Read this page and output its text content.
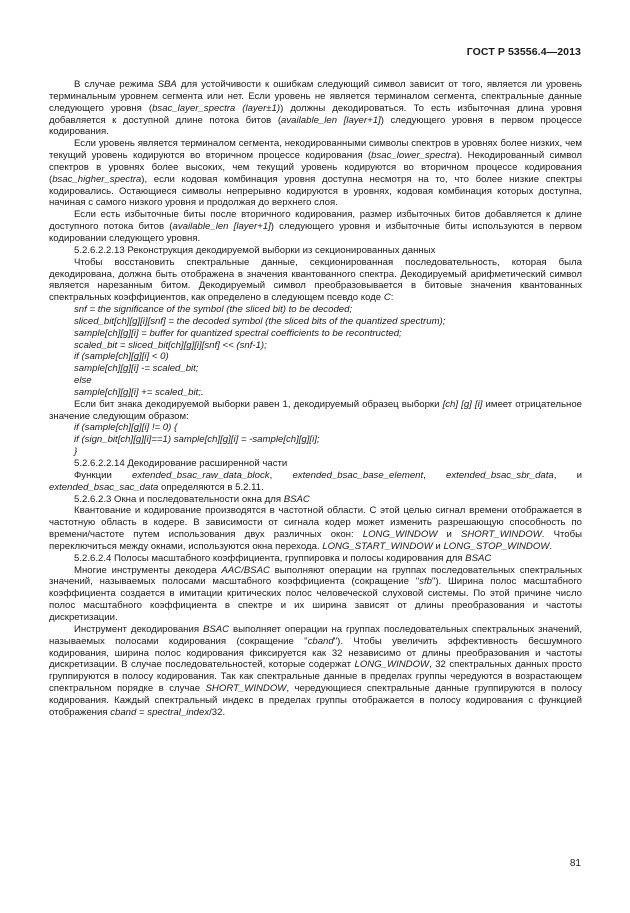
ГОСТ Р 53556.4—2013

В случае режима SBA для устойчивости к ошибкам следующий символ зависит от того, является ли уровень терминальным уровнем сегмента или нет. Если уровень не является терминалом сегмента, спектральные данные следующего уровня (bsac_layer_spectra (layer±1)) должны декодироваться. То есть избыточная длина уровня добавляется к доступной длине потока битов (available_len [layer+1]) следующего уровня в первом процессе кодирования.

Если уровень является терминалом сегмента, некодированными символы спектров в уровнях более низких, чем текущий уровень кодируются во вторичном процессе кодирования (bsac_lower_spectra). Некодированный символ спектров в уровнях более высоких, чем текущий уровень кодируются во вторичном процессе кодирования (bsac_higher_spectra), если кодовая комбинация уровня доступна несмотря на то, что более низкие спектры кодировались. Остающиеся символы непрерывно кодируются в уровнях, кодовая комбинация которых доступна, начиная с самого низкого уровня и продолжая до верхнего слоя.

Если есть избыточные биты после вторичного кодирования, размер избыточных битов добавляется к длине доступного потока битов (available_len [layer+1]) следующего уровня и избыточные биты используются в первом кодировании следующего уровня.

5.2.6.2.2.13 Реконструкция декодируемой выборки из секционированных данных

Чтобы восстановить спектральные данные, секционированная последовательность, которая была декодирована, должна быть отображена в значения квантованного спектра. Декодируемый арифметический символ является нарезанным битом. Декодируемый символ преобразовывается в битовые значения квантованных спектральных коэффициентов, как определено в следующем псевдо коде C:

snf = the significance of the symbol (the sliced bit) to be decoded;

sliced_bit[ch][g][i][snf] = the decoded symbol (the sliced bits of the quantized spectrum);

sample[ch][g][i] = buffer for quantized spectral coefficients to be recontructed;

scaled_bit = sliced_bit[ch][g][i][snf] << (snf-1);

if (sample[ch][g][i] < 0)

sample[ch][g][i] -= scaled_bit;

else

sample[ch][g][i] += scaled_bit;.

Если бит знака декодируемой выборки равен 1, декодируемый образец выборки [ch] [g] [i] имеет отрицательное значение следующим образом:

if (sample[ch][g][i] != 0) {

if (sign_bit[ch][g][i]==1) sample[ch][g][i] = -sample[ch][g][i];

}

5.2.6.2.2.14 Декодирование расширенной части

Функции extended_bsac_raw_data_block, extended_bsac_base_element, extended_bsac_sbr_data, и extended_bsac_sac_data определяются в 5.2.11.

5.2.6.2.3 Окна и последовательности окна для BSAC

Квантование и кодирование производятся в частотной области. С этой целью сигнал времени отображается в частотную область в кодере. В зависимости от сигнала кодер может изменить разрешающую способность по времени/частоте путем использования двух различных окон: LONG_WINDOW и SHORT_WINDOW. Чтобы переключиться между окнами, используются окна перехода. LONG_START_WINDOW и LONG_STOP_WINDOW.

5.2.6.2.4 Полосы масштабного коэффициента, группировка и полосы кодирования для BSAC

Многие инструменты декодера AAC/BSAC выполняют операции на группах последовательных спектральных значений, называемых полосами масштабного коэффициента (сокращение "sfb"). Ширина полос масштабного коэффициента создается в имитации критических полос человеческой слуховой системы. По этой причине число полос масштабного коэффициента в спектре и их ширина зависят от длины преобразования и частоты дискретизации.

Инструмент декодирования BSAC выполняет операции на группах последовательных спектральных значений, называемых полосами кодирования (сокращение "cband"). Чтобы увеличить эффективность бесшумного кодирования, ширина полос кодирования фиксируется как 32 независимо от длины преобразования и частоты дискретизации. В случае последовательностей, которые содержат LONG_WINDOW, 32 спектральных данных просто группируются в полосу кодирования. Так как спектральные данные в пределах группы чередуются в возрастающем спектральном порядке в случае SHORT_WINDOW, чередующиеся спектральные данные группируются в полосу кодирования. Каждый спектральный индекс в пределах группы отображается в полосу кодирования с функцией отображения cband = spectral_index/32.

81
